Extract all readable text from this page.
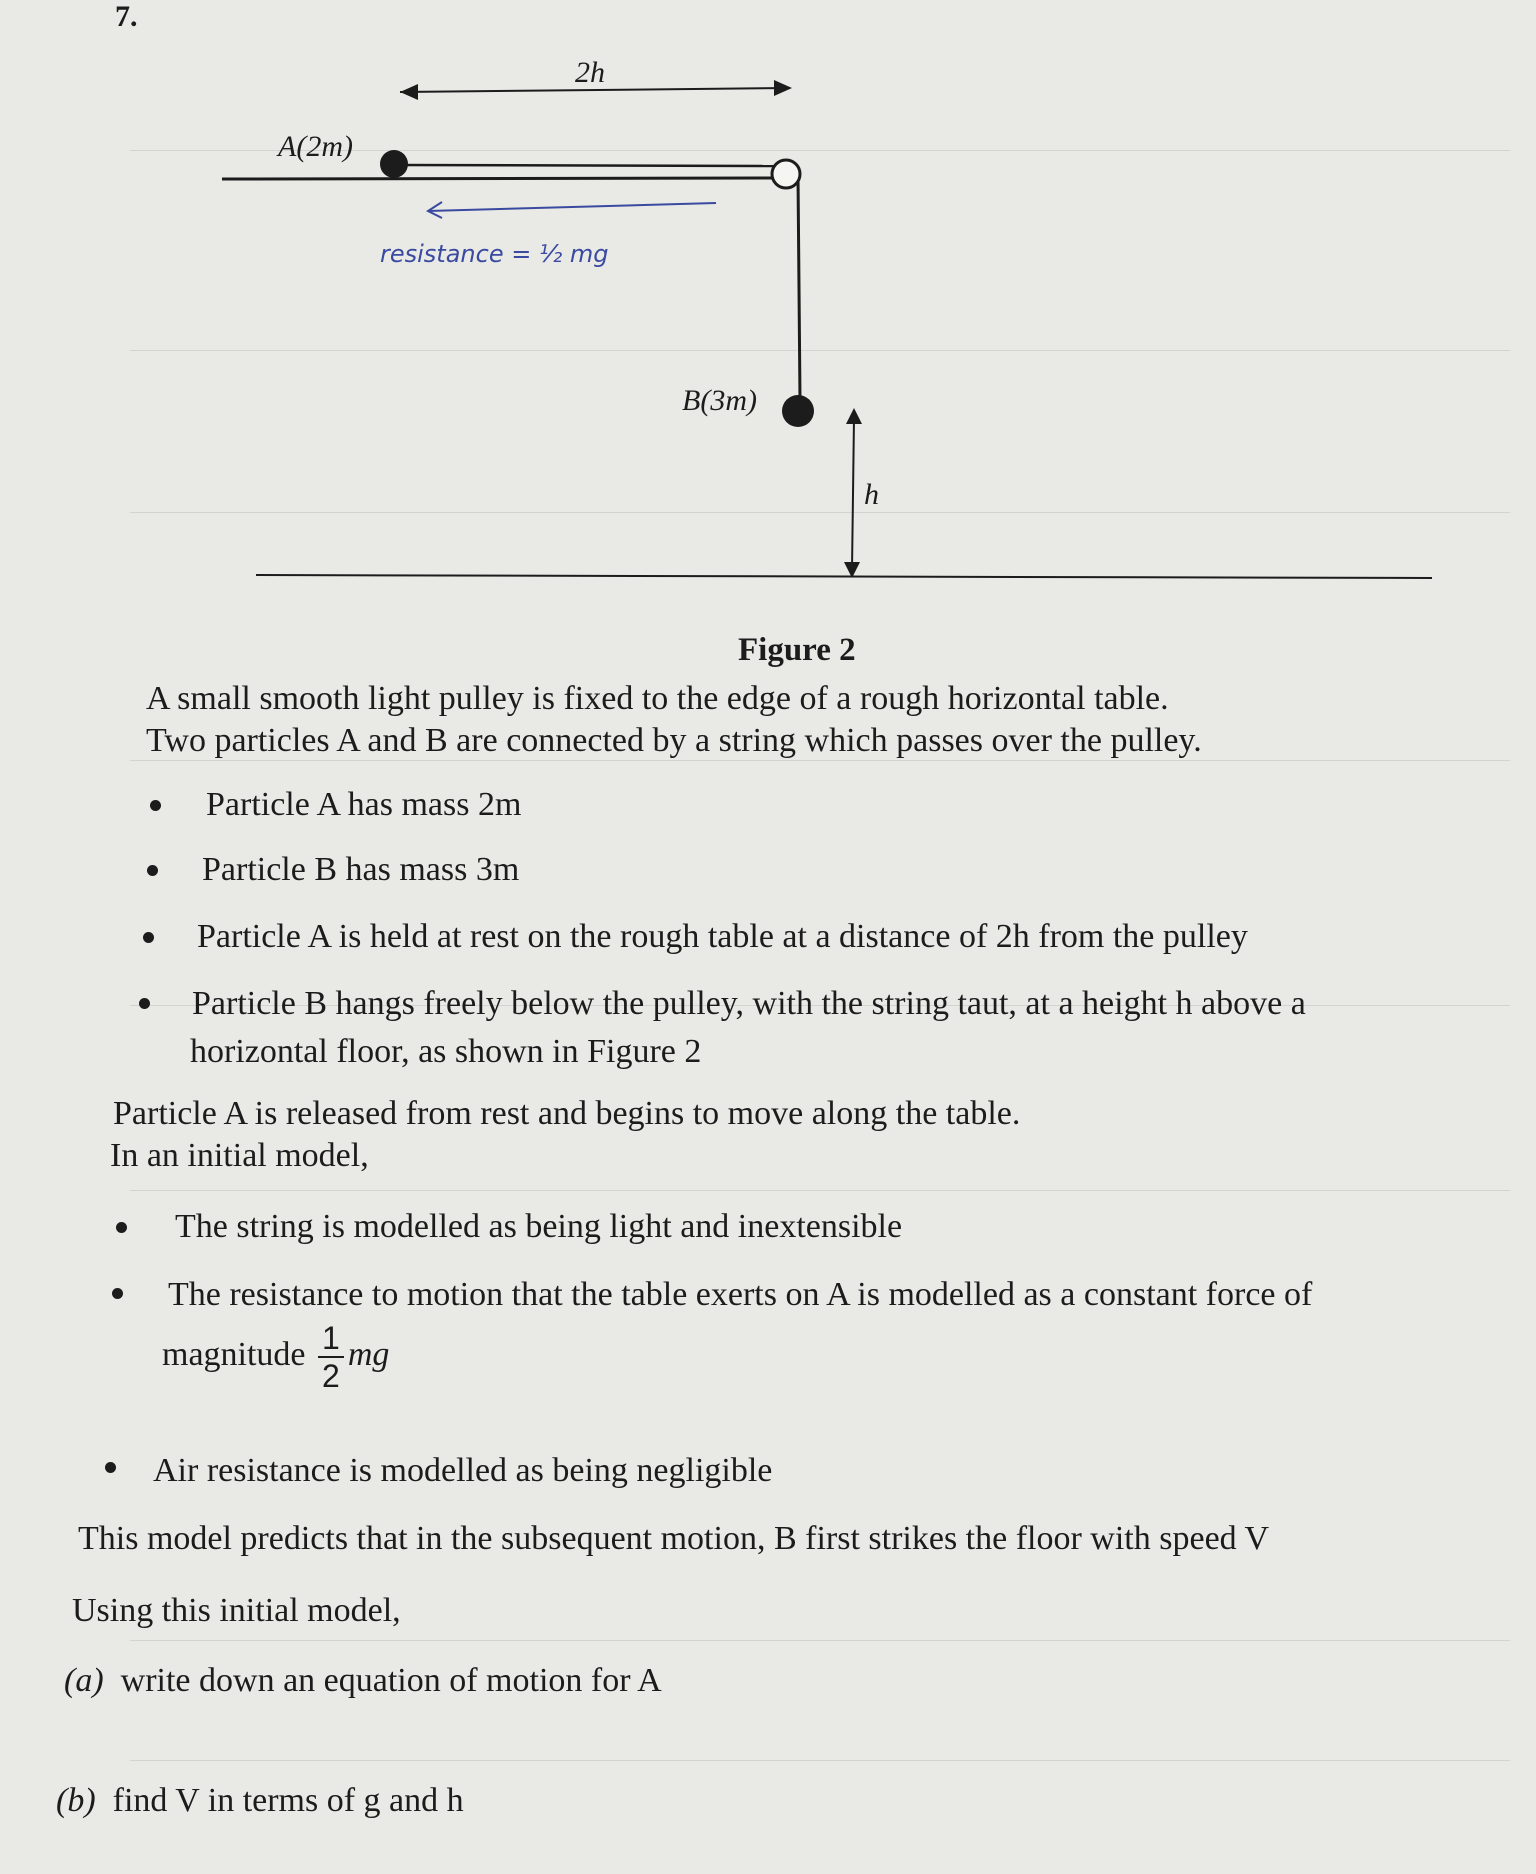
7.
2h
A(2m)
resistance = ½ mg
B(3m)
h
Figure 2

A small smooth light pulley is fixed to the edge of a rough horizontal table.

Two particles A and B are connected by a string which passes over the pulley.

Particle A has mass 2m
Particle B has mass 3m
Particle A is held at rest on the rough table at a distance of 2h from the pulley
Particle B hangs freely below the pulley, with the string taut, at a height h above a
horizontal floor, as shown in Figure 2

Particle A is released from rest and begins to move along the table.

In an initial model,

The string is modelled as being light and inextensible
The resistance to motion that the table exerts on A is modelled as a constant force of
magnitude $\frac{1}{2}$ mg
Air resistance is modelled as being negligible

This model predicts that in the subsequent motion, B first strikes the floor with speed V

Using this initial model,

(a) write down an equation of motion for A
(b) find V in terms of g and h
